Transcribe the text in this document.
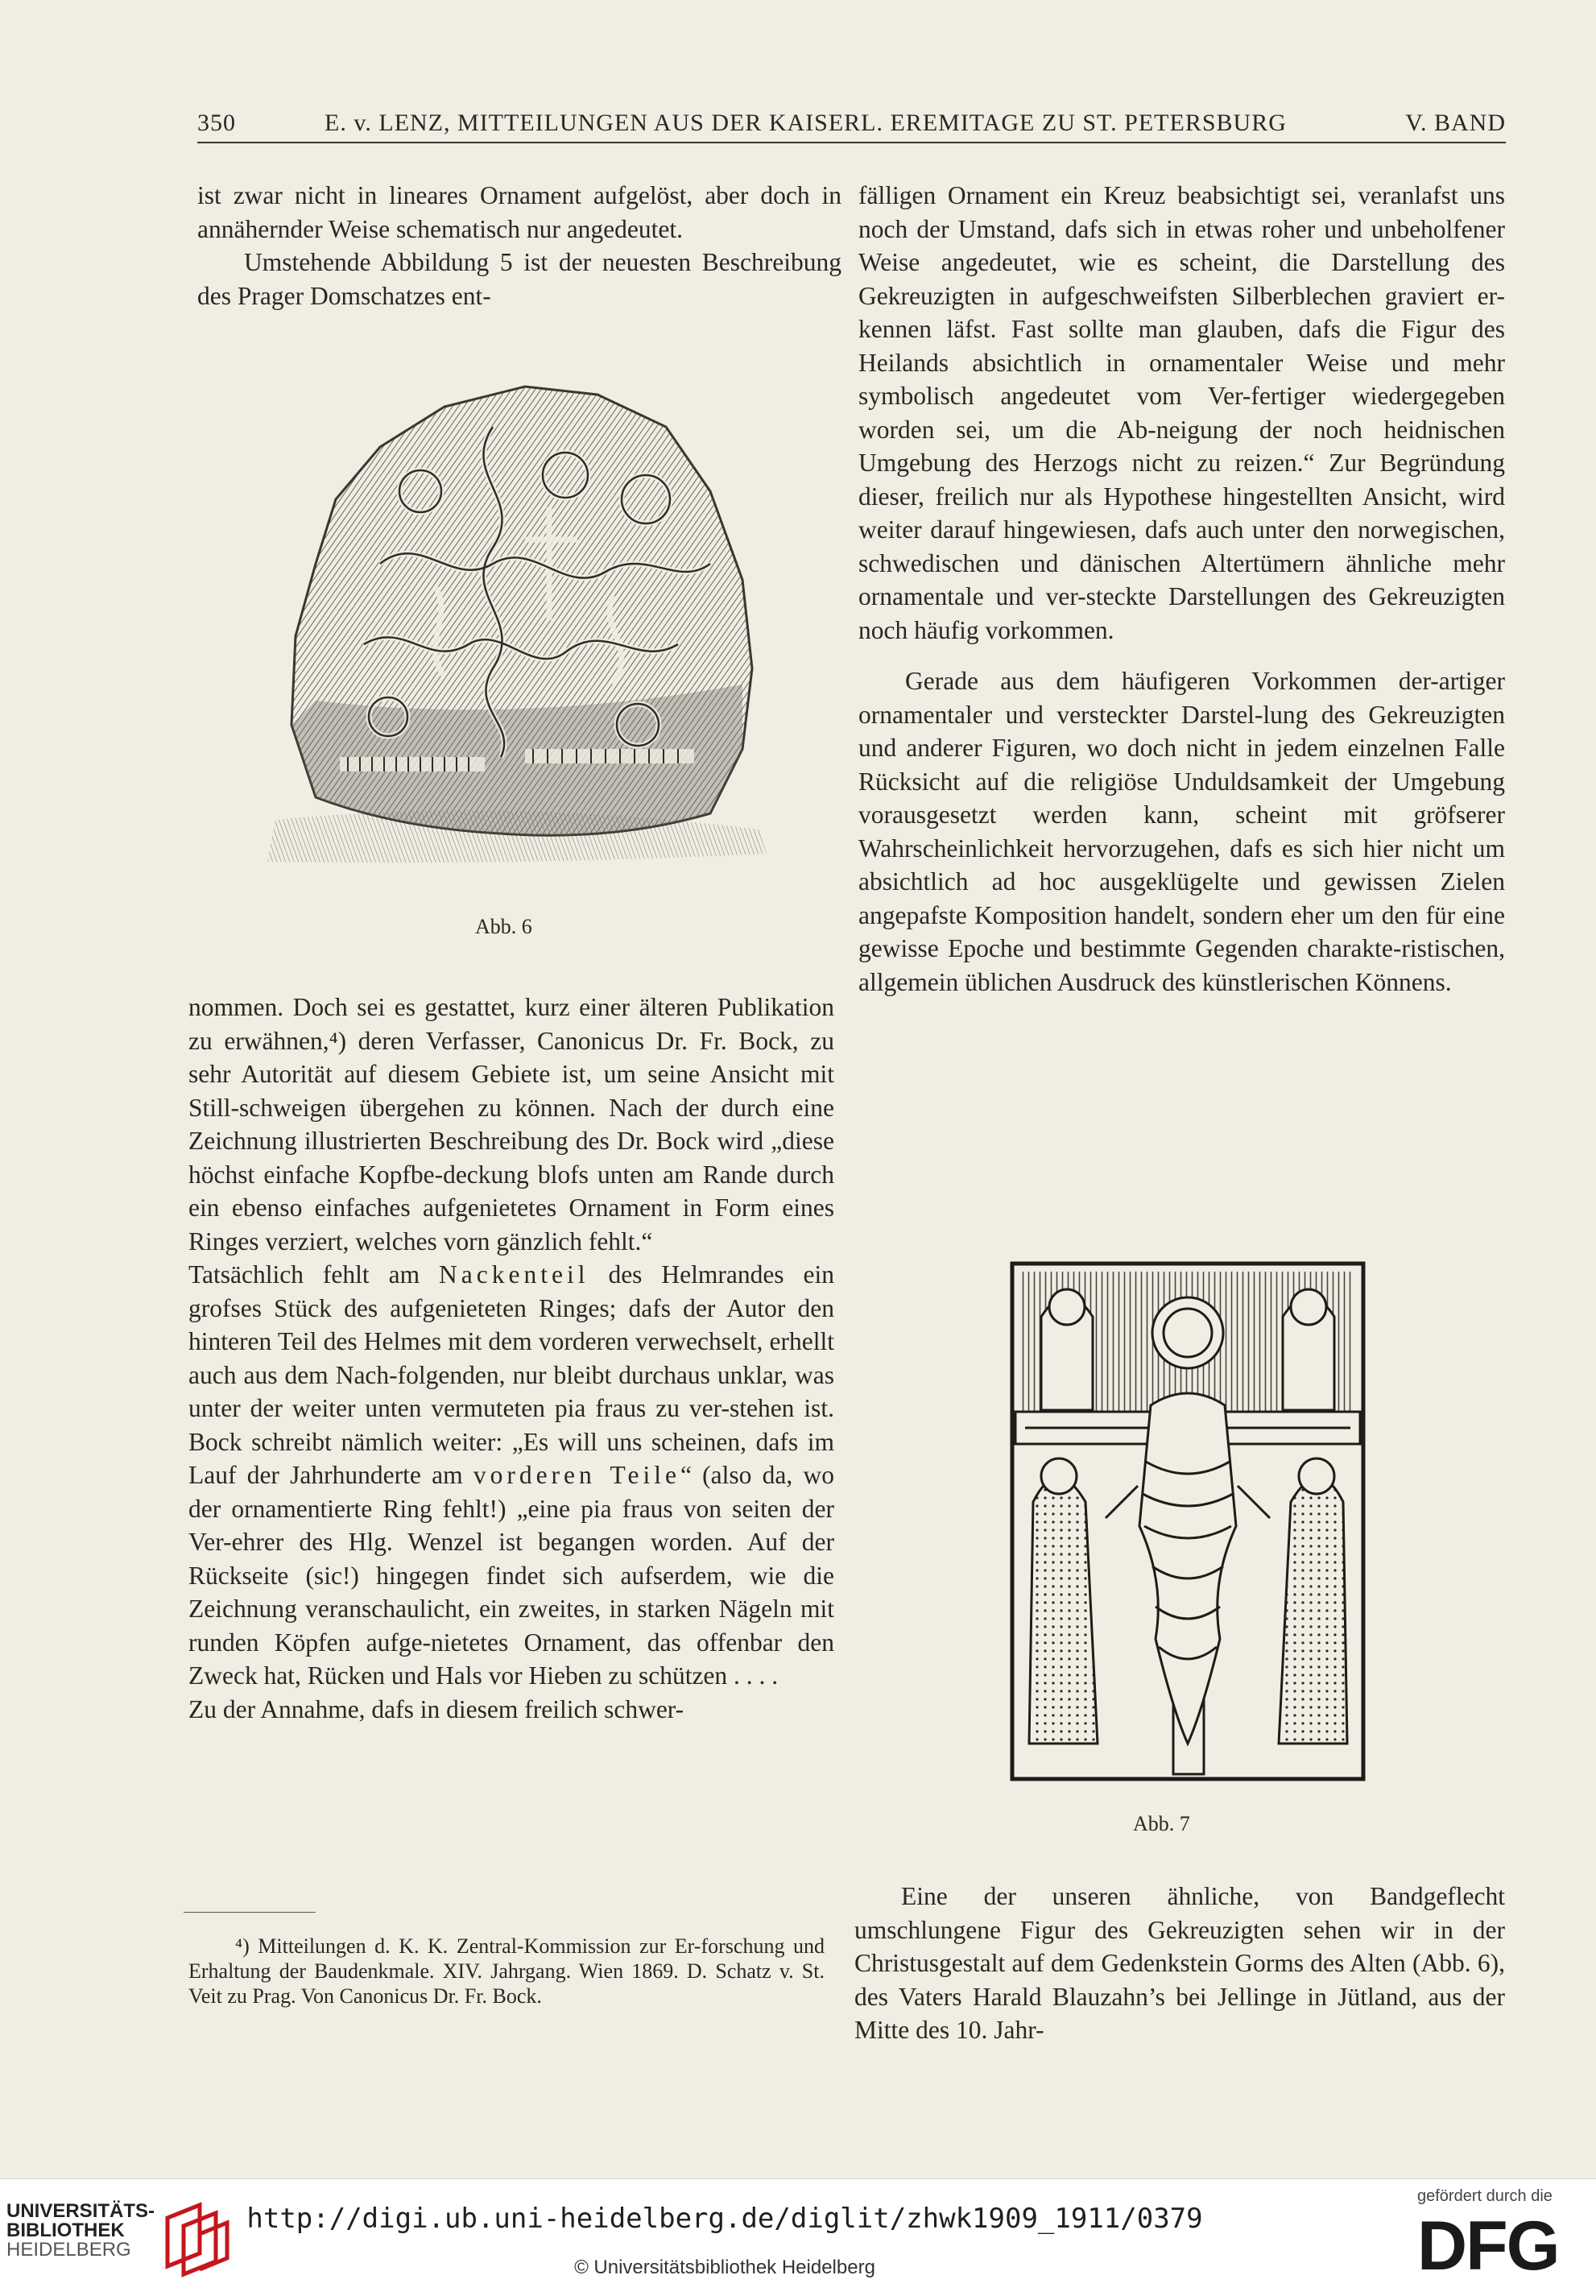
350	E. v. LENZ, MITTEILUNGEN AUS DER KAISERL. EREMITAGE ZU ST. PETERSBURG	V. BAND

ist zwar nicht in lineares Ornament aufgelöst, aber doch in annähernder Weise schematisch nur angedeutet.

Umstehende Abbildung 5 ist der neuesten Beschreibung des Prager Domschatzes ent-

Abb. 6

nommen. Doch sei es gestattet, kurz einer älteren Publikation zu erwähnen,⁴) deren Verfasser, Canonicus Dr. Fr. Bock, zu sehr Autorität auf diesem Gebiete ist, um seine Ansicht mit Still-schweigen übergehen zu können. Nach der durch eine Zeichnung illustrierten Beschreibung des Dr. Bock wird „diese höchst einfache Kopfbe-deckung blofs unten am Rande durch ein ebenso einfaches aufgenietetes Ornament in Form eines Ringes verziert, welches vorn gänzlich fehlt.“

Tatsächlich fehlt am Nackenteil des Helmrandes ein grofses Stück des aufgenieteten Ringes; dafs der Autor den hinteren Teil des Helmes mit dem vorderen verwechselt, erhellt auch aus dem Nach-folgenden, nur bleibt durchaus unklar, was unter der weiter unten vermuteten pia fraus zu ver-stehen ist. Bock schreibt nämlich weiter: „Es will uns scheinen, dafs im Lauf der Jahrhunderte am vorderen Teile“ (also da, wo der ornamentierte Ring fehlt!) „eine pia fraus von seiten der Ver-ehrer des Hlg. Wenzel ist begangen worden. Auf der Rückseite (sic!) hingegen findet sich aufserdem, wie die Zeichnung veranschaulicht, ein zweites, in starken Nägeln mit runden Köpfen aufge-nietetes Ornament, das offenbar den Zweck hat, Rücken und Hals vor Hieben zu schützen . . . .

Zu der Annahme, dafs in diesem freilich schwer-

⁴) Mitteilungen d. K. K. Zentral-Kommission zur Er-forschung und Erhaltung der Baudenkmale. XIV. Jahrgang. Wien 1869. D. Schatz v. St. Veit zu Prag. Von Canonicus Dr. Fr. Bock.

fälligen Ornament ein Kreuz beabsichtigt sei, veranlafst uns noch der Umstand, dafs sich in etwas roher und unbeholfener Weise angedeutet, wie es scheint, die Darstellung des Gekreuzigten in aufgeschweifsten Silberblechen graviert er-kennen läfst. Fast sollte man glauben, dafs die Figur des Heilands absichtlich in ornamentaler Weise und mehr symbolisch angedeutet vom Ver-fertiger wiedergegeben worden sei, um die Ab-neigung der noch heidnischen Umgebung des Herzogs nicht zu reizen.“ Zur Begründung dieser, freilich nur als Hypothese hingestellten Ansicht, wird weiter darauf hingewiesen, dafs auch unter den norwegischen, schwedischen und dänischen Altertümern ähnliche mehr ornamentale und ver-steckte Darstellungen des Gekreuzigten noch häufig vorkommen.

Gerade aus dem häufigeren Vorkommen der-artiger ornamentaler und versteckter Darstel-lung des Gekreuzigten und anderer Figuren, wo doch nicht in jedem einzelnen Falle Rücksicht auf die religiöse Unduldsamkeit der Umgebung vorausgesetzt werden kann, scheint mit gröfserer Wahrscheinlichkeit hervorzugehen, dafs es sich hier nicht um absichtlich ad hoc ausgeklügelte und gewissen Zielen angepafste Komposition handelt, sondern eher um den für eine gewisse Epoche und bestimmte Gegenden charakte-ristischen, allgemein üblichen Ausdruck des künstlerischen Könnens.

Abb. 7

Eine der unseren ähnliche, von Bandgeflecht umschlungene Figur des Gekreuzigten sehen wir in der Christusgestalt auf dem Gedenkstein Gorms des Alten (Abb. 6), des Vaters Harald Blauzahn’s bei Jellinge in Jütland, aus der Mitte des 10. Jahr-

UNIVERSITÄTS-
BIBLIOTHEK
HEIDELBERG
http://digi.ub.uni-heidelberg.de/diglit/zhwk1909_1911/0379
© Universitätsbibliothek Heidelberg
gefördert durch die
DFG
